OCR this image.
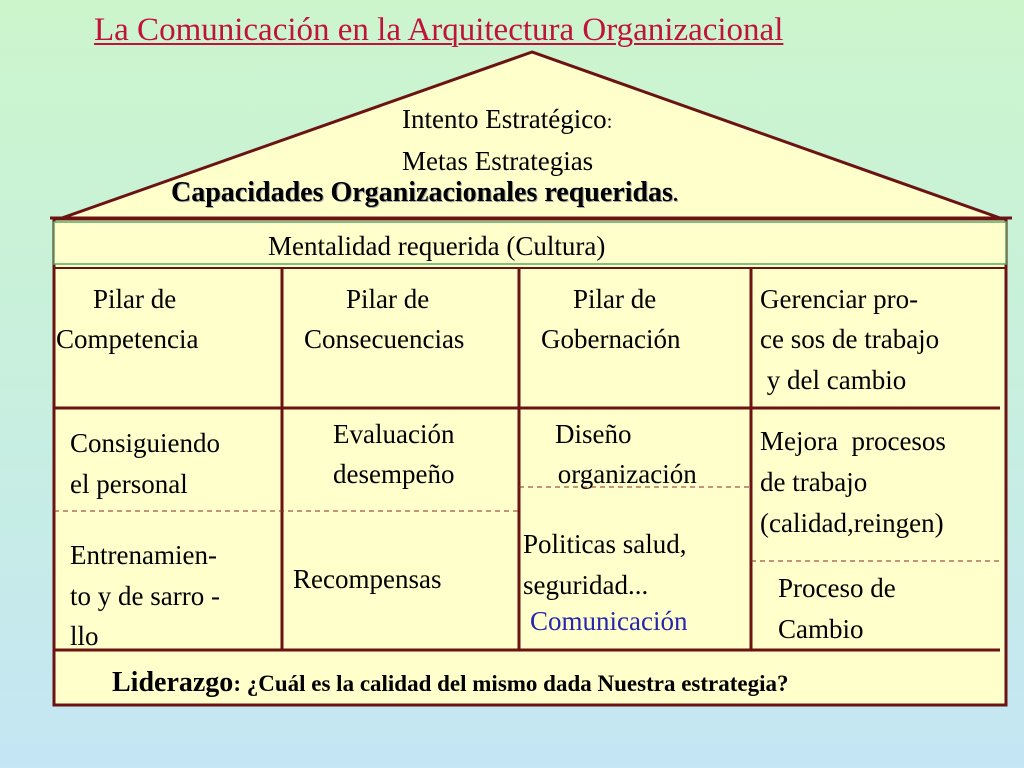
La Comunicación en la Arquitectura Organizacional
Intento Estratégico:
Metas Estrategias
Capacidades Organizacionales requeridas.
Mentalidad requerida (Cultura)
Pilar de
Competencia
Pilar de
Consecuencias
Pilar de
Gobernación
Gerenciar pro-
ce sos de trabajo
y del cambio
Consiguiendo
el personal
Entrenamien-
to y de sarro -
llo
Evaluación
desempeño
Recompensas
Diseño
organización
Politicas salud,
seguridad...
Comunicación
Mejora  procesos
de trabajo
(calidad,reingen)
Proceso de
Cambio
Liderazgo: ¿Cuál es la calidad del mismo dada Nuestra estrategia?
